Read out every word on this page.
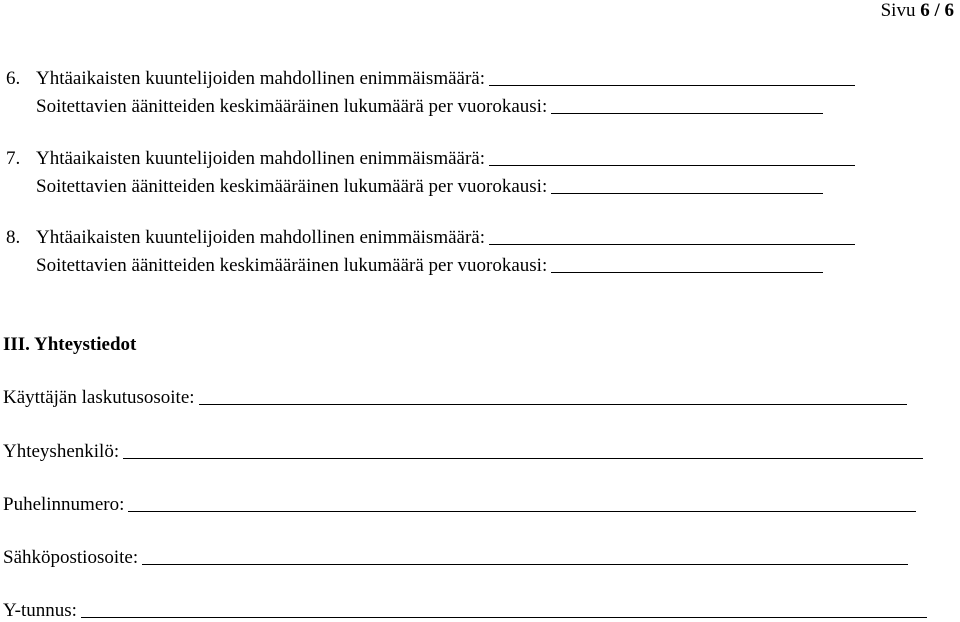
Sivu 6 / 6
6. Yhtäaikaisten kuuntelijoiden mahdollinen enimmäismäärä:
Soitettavien äänitteiden keskimääräinen lukumäärä per vuorokausi:
7. Yhtäaikaisten kuuntelijoiden mahdollinen enimmäismäärä:
Soitettavien äänitteiden keskimääräinen lukumäärä per vuorokausi:
8. Yhtäaikaisten kuuntelijoiden mahdollinen enimmäismäärä:
Soitettavien äänitteiden keskimääräinen lukumäärä per vuorokausi:
III. Yhteystiedot
Käyttäjän laskutusosoite:
Yhteyshenkilö:
Puhelinnumero:
Sähköpostiosoite:
Y-tunnus:
